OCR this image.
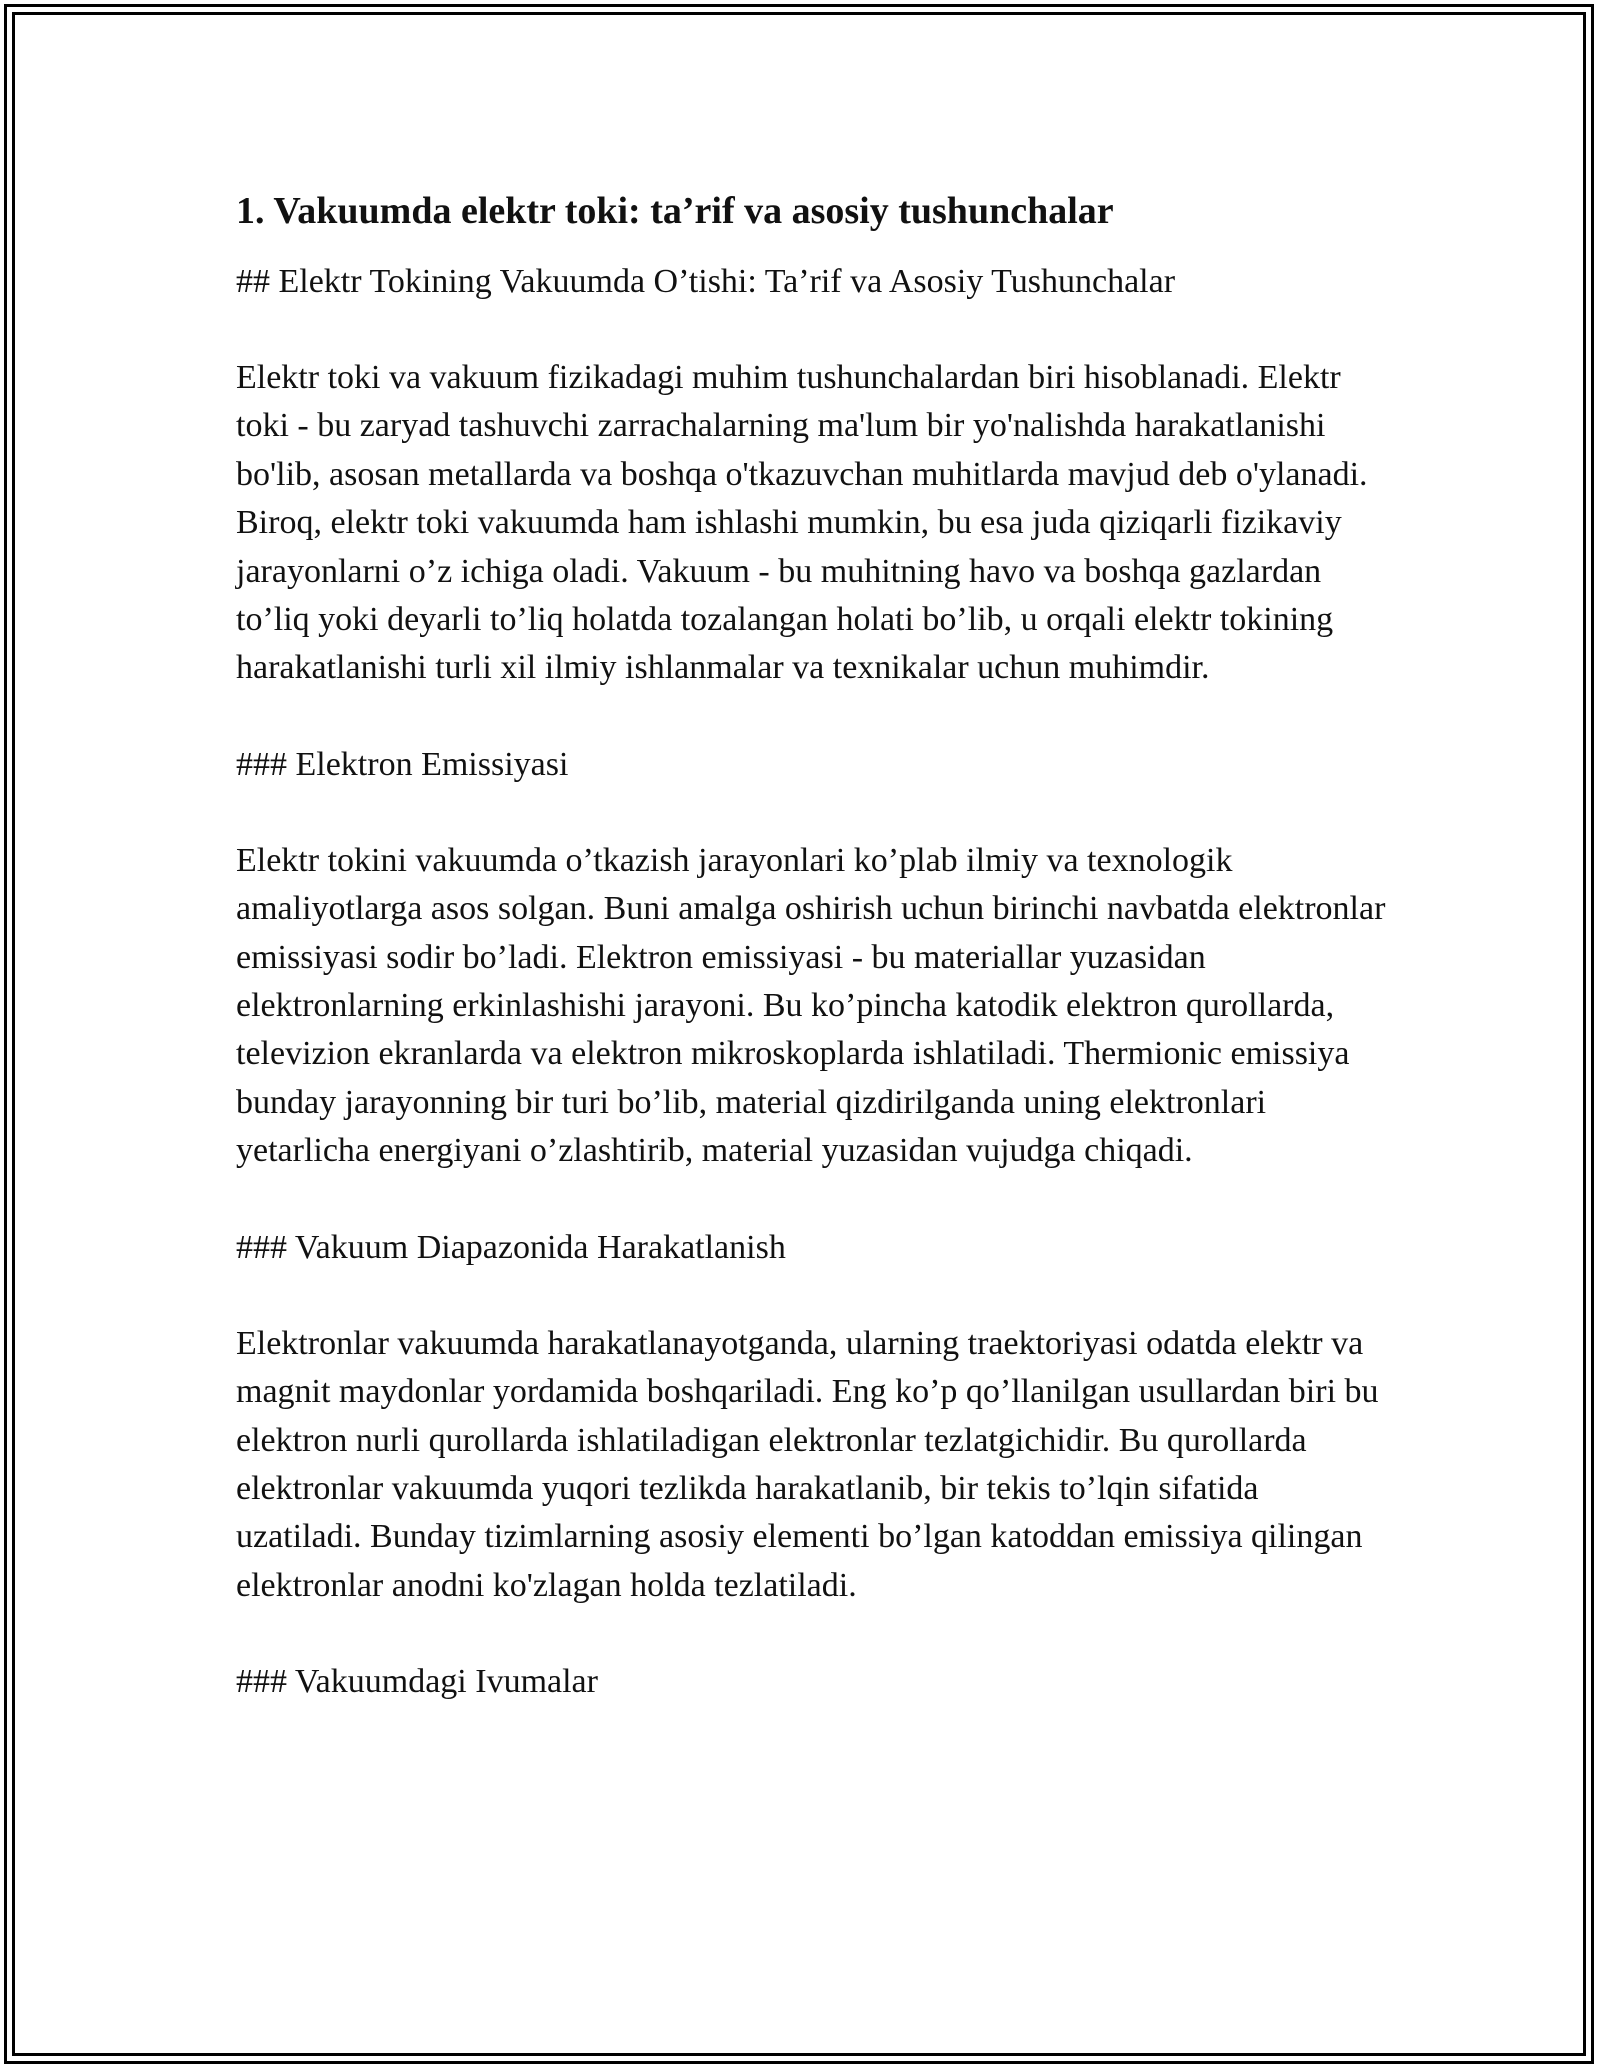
1. Vakuumda elektr toki: ta’rif va asosiy tushunchalar

## Elektr Tokining Vakuumda O’tishi: Ta’rif va Asosiy Tushunchalar

Elektr toki va vakuum fizikadagi muhim tushunchalardan biri hisoblanadi. Elektr toki - bu zaryad tashuvchi zarrachalarning ma'lum bir yo'nalishda harakatlanishi bo'lib, asosan metallarda va boshqa o'tkazuvchan muhitlarda mavjud deb o'ylanadi. Biroq, elektr toki vakuumda ham ishlashi mumkin, bu esa juda qiziqarli fizikaviy jarayonlarni o’z ichiga oladi. Vakuum - bu muhitning havo va boshqa gazlardan to’liq yoki deyarli to’liq holatda tozalangan holati bo’lib, u orqali elektr tokining harakatlanishi turli xil ilmiy ishlanmalar va texnikalar uchun muhimdir.

### Elektron Emissiyasi

Elektr tokini vakuumda o’tkazish jarayonlari ko’plab ilmiy va texnologik amaliyotlarga asos solgan. Buni amalga oshirish uchun birinchi navbatda elektronlar emissiyasi sodir bo’ladi. Elektron emissiyasi - bu materiallar yuzasidan elektronlarning erkinlashishi jarayoni. Bu ko’pincha katodik elektron qurollarda, televizion ekranlarda va elektron mikroskoplarda ishlatiladi. Thermionic emissiya bunday jarayonning bir turi bo’lib, material qizdirilganda uning elektronlari yetarlicha energiyani o’zlashtirib, material yuzasidan vujudga chiqadi.

### Vakuum Diapazonida Harakatlanish

Elektronlar vakuumda harakatlanayotganda, ularning traektoriyasi odatda elektr va magnit maydonlar yordamida boshqariladi. Eng ko’p qo’llanilgan usullardan biri bu elektron nurli qurollarda ishlatiladigan elektronlar tezlatgichidir. Bu qurollarda elektronlar vakuumda yuqori tezlikda harakatlanib, bir tekis to’lqin sifatida uzatiladi. Bunday tizimlarning asosiy elementi bo’lgan katoddan emissiya qilingan elektronlar anodni ko'zlagan holda tezlatiladi.

### Vakuumdagi Ivumalar
